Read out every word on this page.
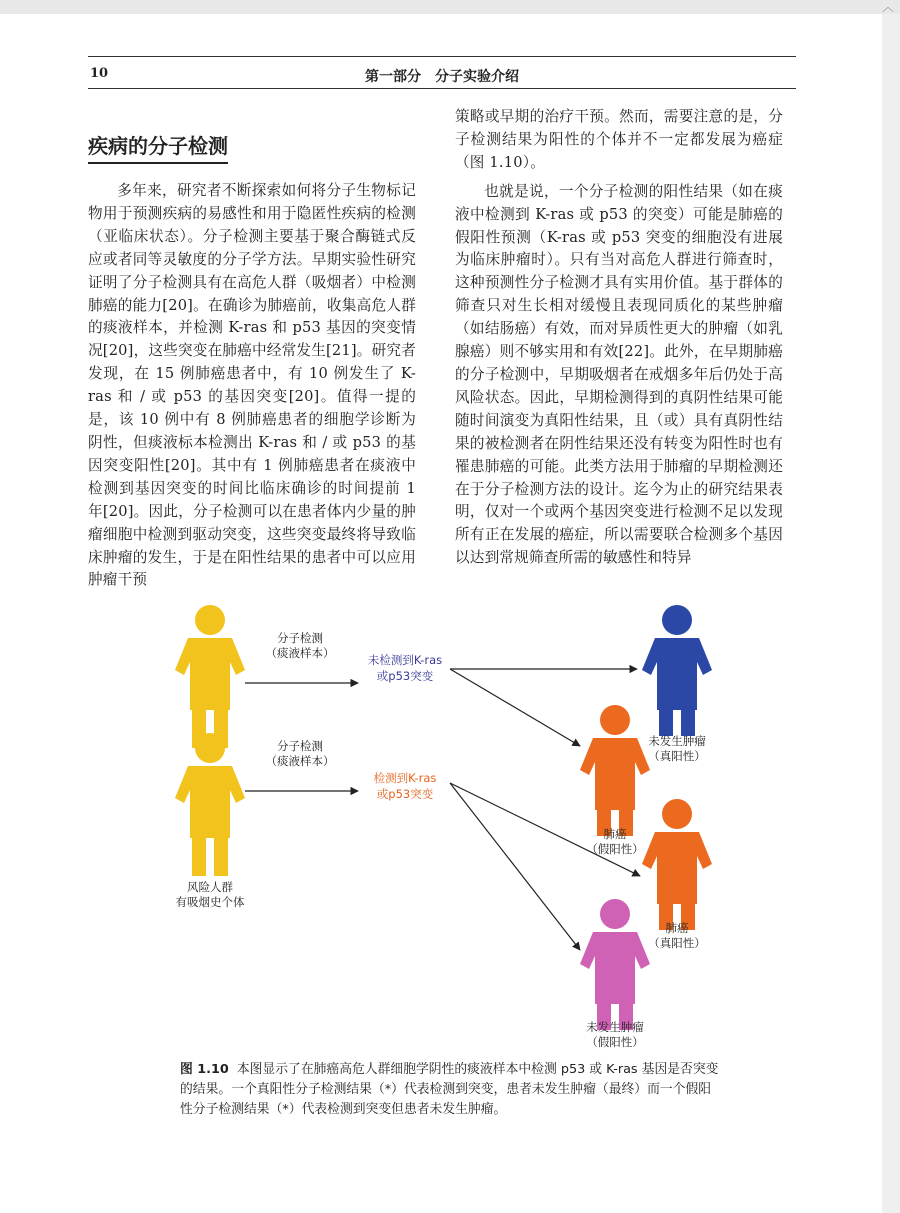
︿
10	第一部分　分子实验介绍
疾病的分子检测

多年来，研究者不断探索如何将分子生物标记物用于预测疾病的易感性和用于隐匿性疾病的检测（亚临床状态）。分子检测主要基于聚合酶链式反应或者同等灵敏度的分子学方法。早期实验性研究证明了分子检测具有在高危人群（吸烟者）中检测肺癌的能力[20]。在确诊为肺癌前，收集高危人群的痰液样本，并检测 K-ras 和 p53 基因的突变情况[20]，这些突变在肺癌中经常发生[21]。研究者发现，在 15 例肺癌患者中，有 10 例发生了 K-ras 和 / 或 p53 的基因突变[20]。值得一提的是，该 10 例中有 8 例肺癌患者的细胞学诊断为阴性，但痰液标本检测出 K-ras 和 / 或 p53 的基因突变阳性[20]。其中有 1 例肺癌患者在痰液中检测到基因突变的时间比临床确诊的时间提前 1 年[20]。因此，分子检测可以在患者体内少量的肿瘤细胞中检测到驱动突变，这些突变最终将导致临床肿瘤的发生，于是在阳性结果的患者中可以应用肿瘤干预

策略或早期的治疗干预。然而，需要注意的是，分子检测结果为阳性的个体并不一定都发展为癌症（图 1.10）。

也就是说，一个分子检测的阳性结果（如在痰液中检测到 K-ras 或 p53 的突变）可能是肺癌的假阳性预测（K-ras 或 p53 突变的细胞没有进展为临床肿瘤时）。只有当对高危人群进行筛查时，这种预测性分子检测才具有实用价值。基于群体的筛查只对生长相对缓慢且表现同质化的某些肿瘤（如结肠癌）有效，而对异质性更大的肿瘤（如乳腺癌）则不够实用和有效[22]。此外，在早期肺癌的分子检测中，早期吸烟者在戒烟多年后仍处于高风险状态。因此，早期检测得到的真阴性结果可能随时间演变为真阳性结果，且（或）具有真阴性结果的被检测者在阴性结果还没有转变为阳性时也有罹患肺癌的可能。此类方法用于肺瘤的早期检测还在于分子检测方法的设计。迄今为止的研究结果表明，仅对一个或两个基因突变进行检测不足以发现所有正在发展的癌症，所以需要联合检测多个基因以达到常规筛查所需的敏感性和特异

分子检测
（痰液样本）
分子检测
（痰液样本）
未检测到K-ras
或p53突变
检测到K-ras
或p53突变
风险人群
有吸烟史个体
未发生肿瘤
（真阳性）
肺癌
（假阳性）
肺癌
（真阳性）
未发生肿瘤
（假阳性）
图 1.10 本图显示了在肺癌高危人群细胞学阴性的痰液样本中检测 p53 或 K-ras 基因是否突变的结果。一个真阳性分子检测结果（*）代表检测到突变，患者未发生肿瘤（最终）而一个假阳性分子检测结果（*）代表检测到突变但患者未发生肿瘤。
